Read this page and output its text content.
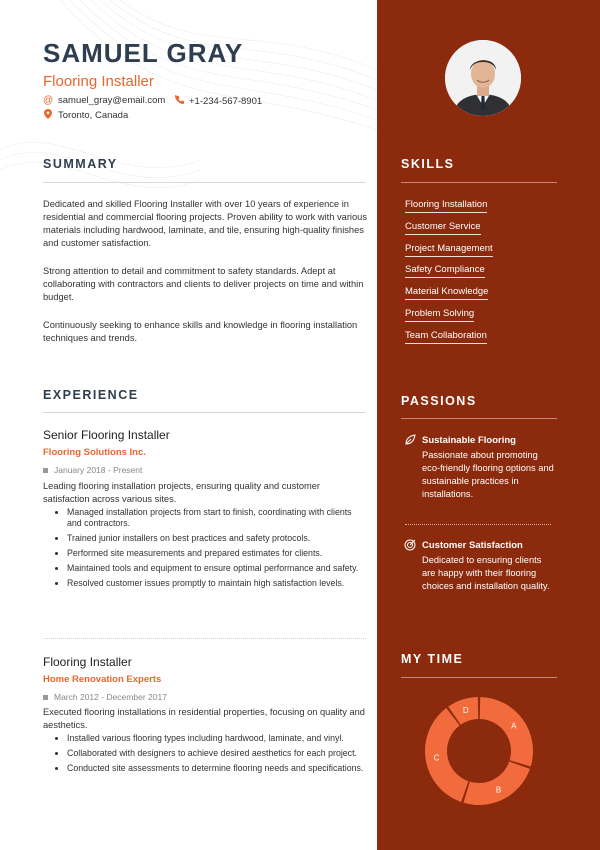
SAMUEL GRAY
Flooring Installer
@ samuel_gray@email.com +1-234-567-8901
Toronto, Canada
SUMMARY
Dedicated and skilled Flooring Installer with over 10 years of experience in residential and commercial flooring projects. Proven ability to work with various materials including hardwood, laminate, and tile, ensuring high-quality finishes and customer satisfaction.
Strong attention to detail and commitment to safety standards. Adept at collaborating with contractors and clients to deliver projects on time and within budget.
Continuously seeking to enhance skills and knowledge in flooring installation techniques and trends.
EXPERIENCE
Senior Flooring Installer
Flooring Solutions Inc.
January 2018 - Present
Leading flooring installation projects, ensuring quality and customer satisfaction across various sites.
Managed installation projects from start to finish, coordinating with clients and contractors.
Trained junior installers on best practices and safety protocols.
Performed site measurements and prepared estimates for clients.
Maintained tools and equipment to ensure optimal performance and safety.
Resolved customer issues promptly to maintain high satisfaction levels.
Flooring Installer
Home Renovation Experts
March 2012 - December 2017
Executed flooring installations in residential properties, focusing on quality and aesthetics.
Installed various flooring types including hardwood, laminate, and vinyl.
Collaborated with designers to achieve desired aesthetics for each project.
Conducted site assessments to determine flooring needs and specifications.
SKILLS
Flooring Installation
Customer Service
Project Management
Safety Compliance
Material Knowledge
Problem Solving
Team Collaboration
PASSIONS
Sustainable Flooring
Passionate about promoting eco-friendly flooring options and sustainable practices in installations.
Customer Satisfaction
Dedicated to ensuring clients are happy with their flooring choices and installation quality.
MY TIME
A
B
C
D
